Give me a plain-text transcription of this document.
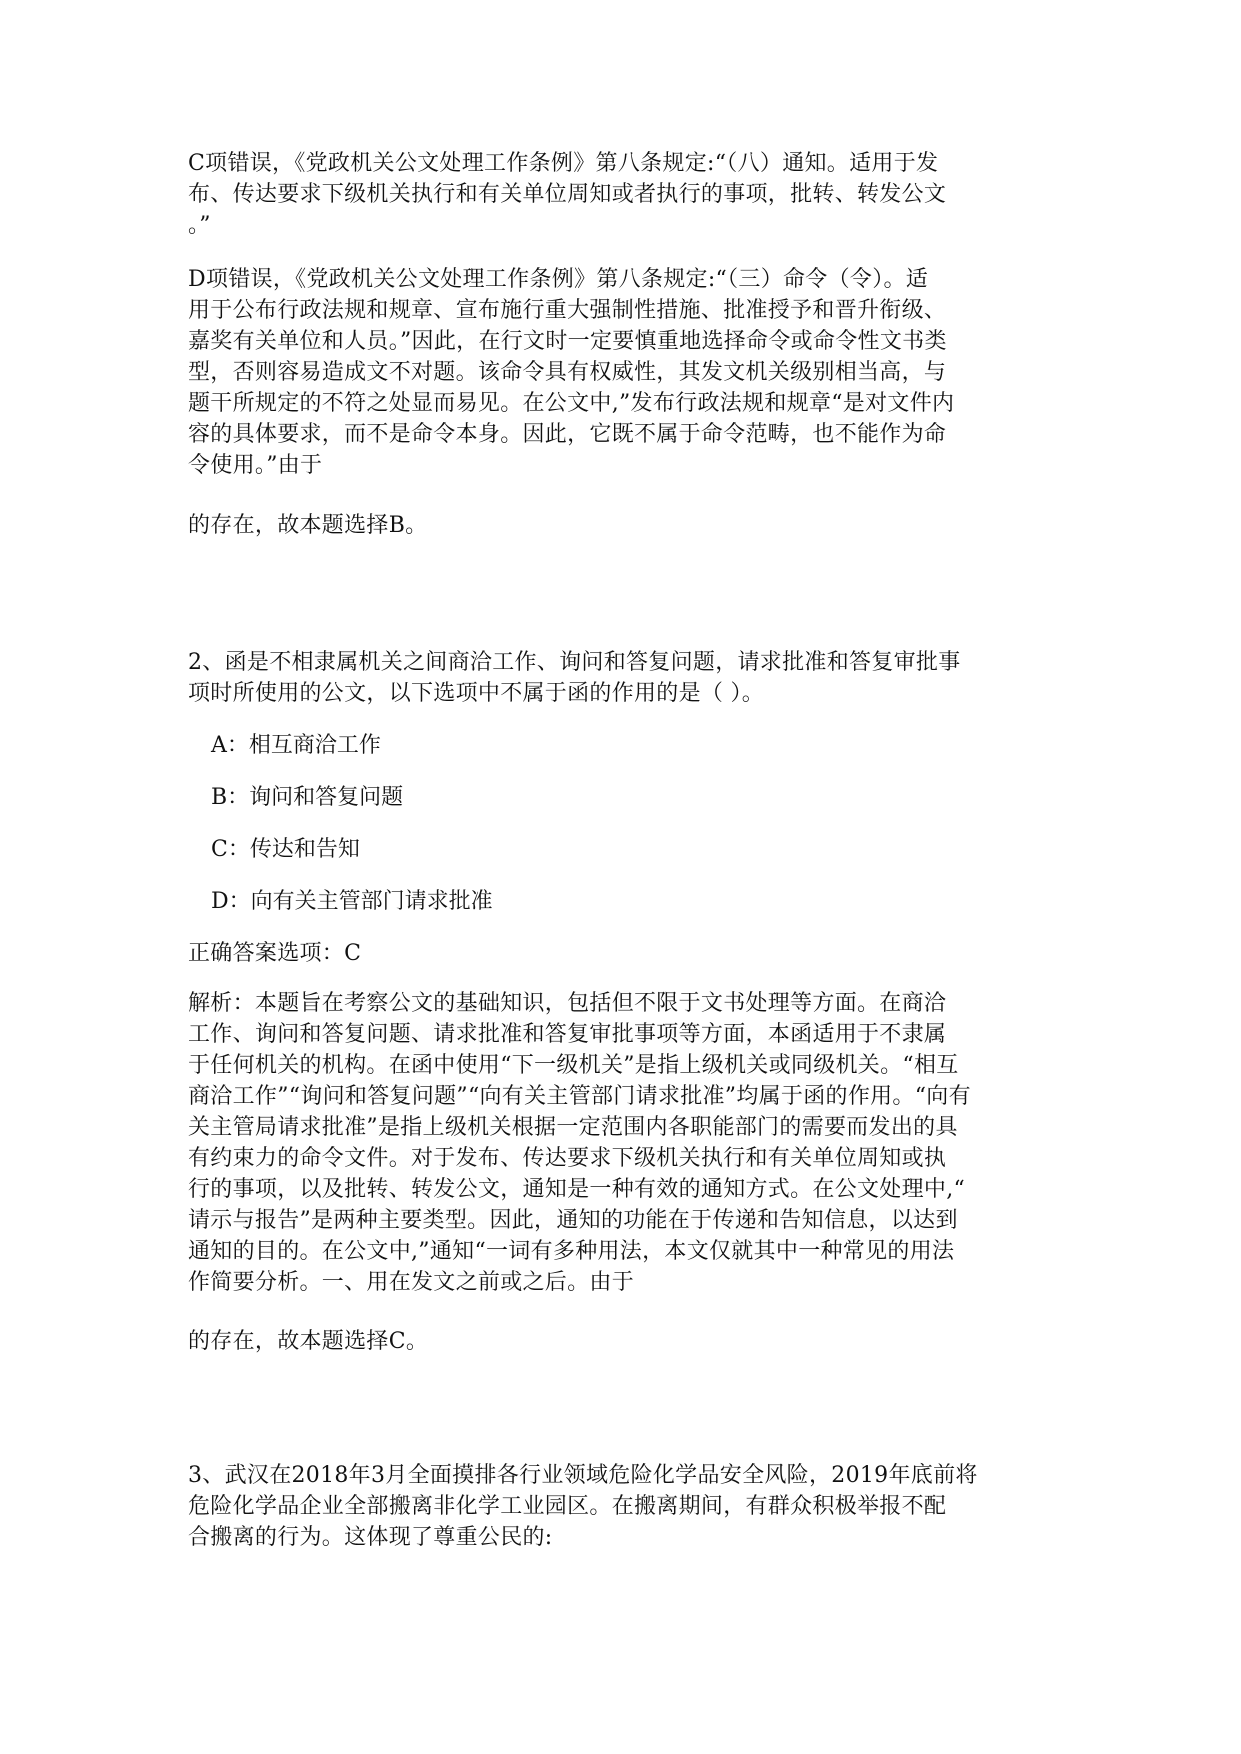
C项错误，《党政机关公文处理工作条例》第八条规定:“（八）通知。适用于发
布、传达要求下级机关执行和有关单位周知或者执行的事项，批转、转发公文
。”

D项错误，《党政机关公文处理工作条例》第八条规定:“（三）命令（令）。适
用于公布行政法规和规章、宣布施行重大强制性措施、批准授予和晋升衔级、
嘉奖有关单位和人员。”因此，在行文时一定要慎重地选择命令或命令性文书类
型，否则容易造成文不对题。该命令具有权威性，其发文机关级别相当高，与
题干所规定的不符之处显而易见。在公文中,”发布行政法规和规章“是对文件内
容的具体要求，而不是命令本身。因此，它既不属于命令范畴，也不能作为命
令使用。”由于

的存在，故本题选择B。

2、函是不相隶属机关之间商洽工作、询问和答复问题，请求批准和答复审批事
项时所使用的公文，以下选项中不属于函的作用的是（ ）。

A：相互商洽工作

B：询问和答复问题

C：传达和告知

D：向有关主管部门请求批准

正确答案选项：C

解析：本题旨在考察公文的基础知识，包括但不限于文书处理等方面。在商洽
工作、询问和答复问题、请求批准和答复审批事项等方面，本函适用于不隶属
于任何机关的机构。在函中使用“下一级机关”是指上级机关或同级机关。“相互
商洽工作”“询问和答复问题”“向有关主管部门请求批准”均属于函的作用。“向有
关主管局请求批准”是指上级机关根据一定范围内各职能部门的需要而发出的具
有约束力的命令文件。对于发布、传达要求下级机关执行和有关单位周知或执
行的事项，以及批转、转发公文，通知是一种有效的通知方式。在公文处理中,“
请示与报告”是两种主要类型。因此，通知的功能在于传递和告知信息，以达到
通知的目的。在公文中,”通知“一词有多种用法，本文仅就其中一种常见的用法
作简要分析。一、用在发文之前或之后。由于

的存在，故本题选择C。

3、武汉在2018年3月全面摸排各行业领域危险化学品安全风险，2019年底前将
危险化学品企业全部搬离非化学工业园区。在搬离期间，有群众积极举报不配
合搬离的行为。这体现了尊重公民的:
